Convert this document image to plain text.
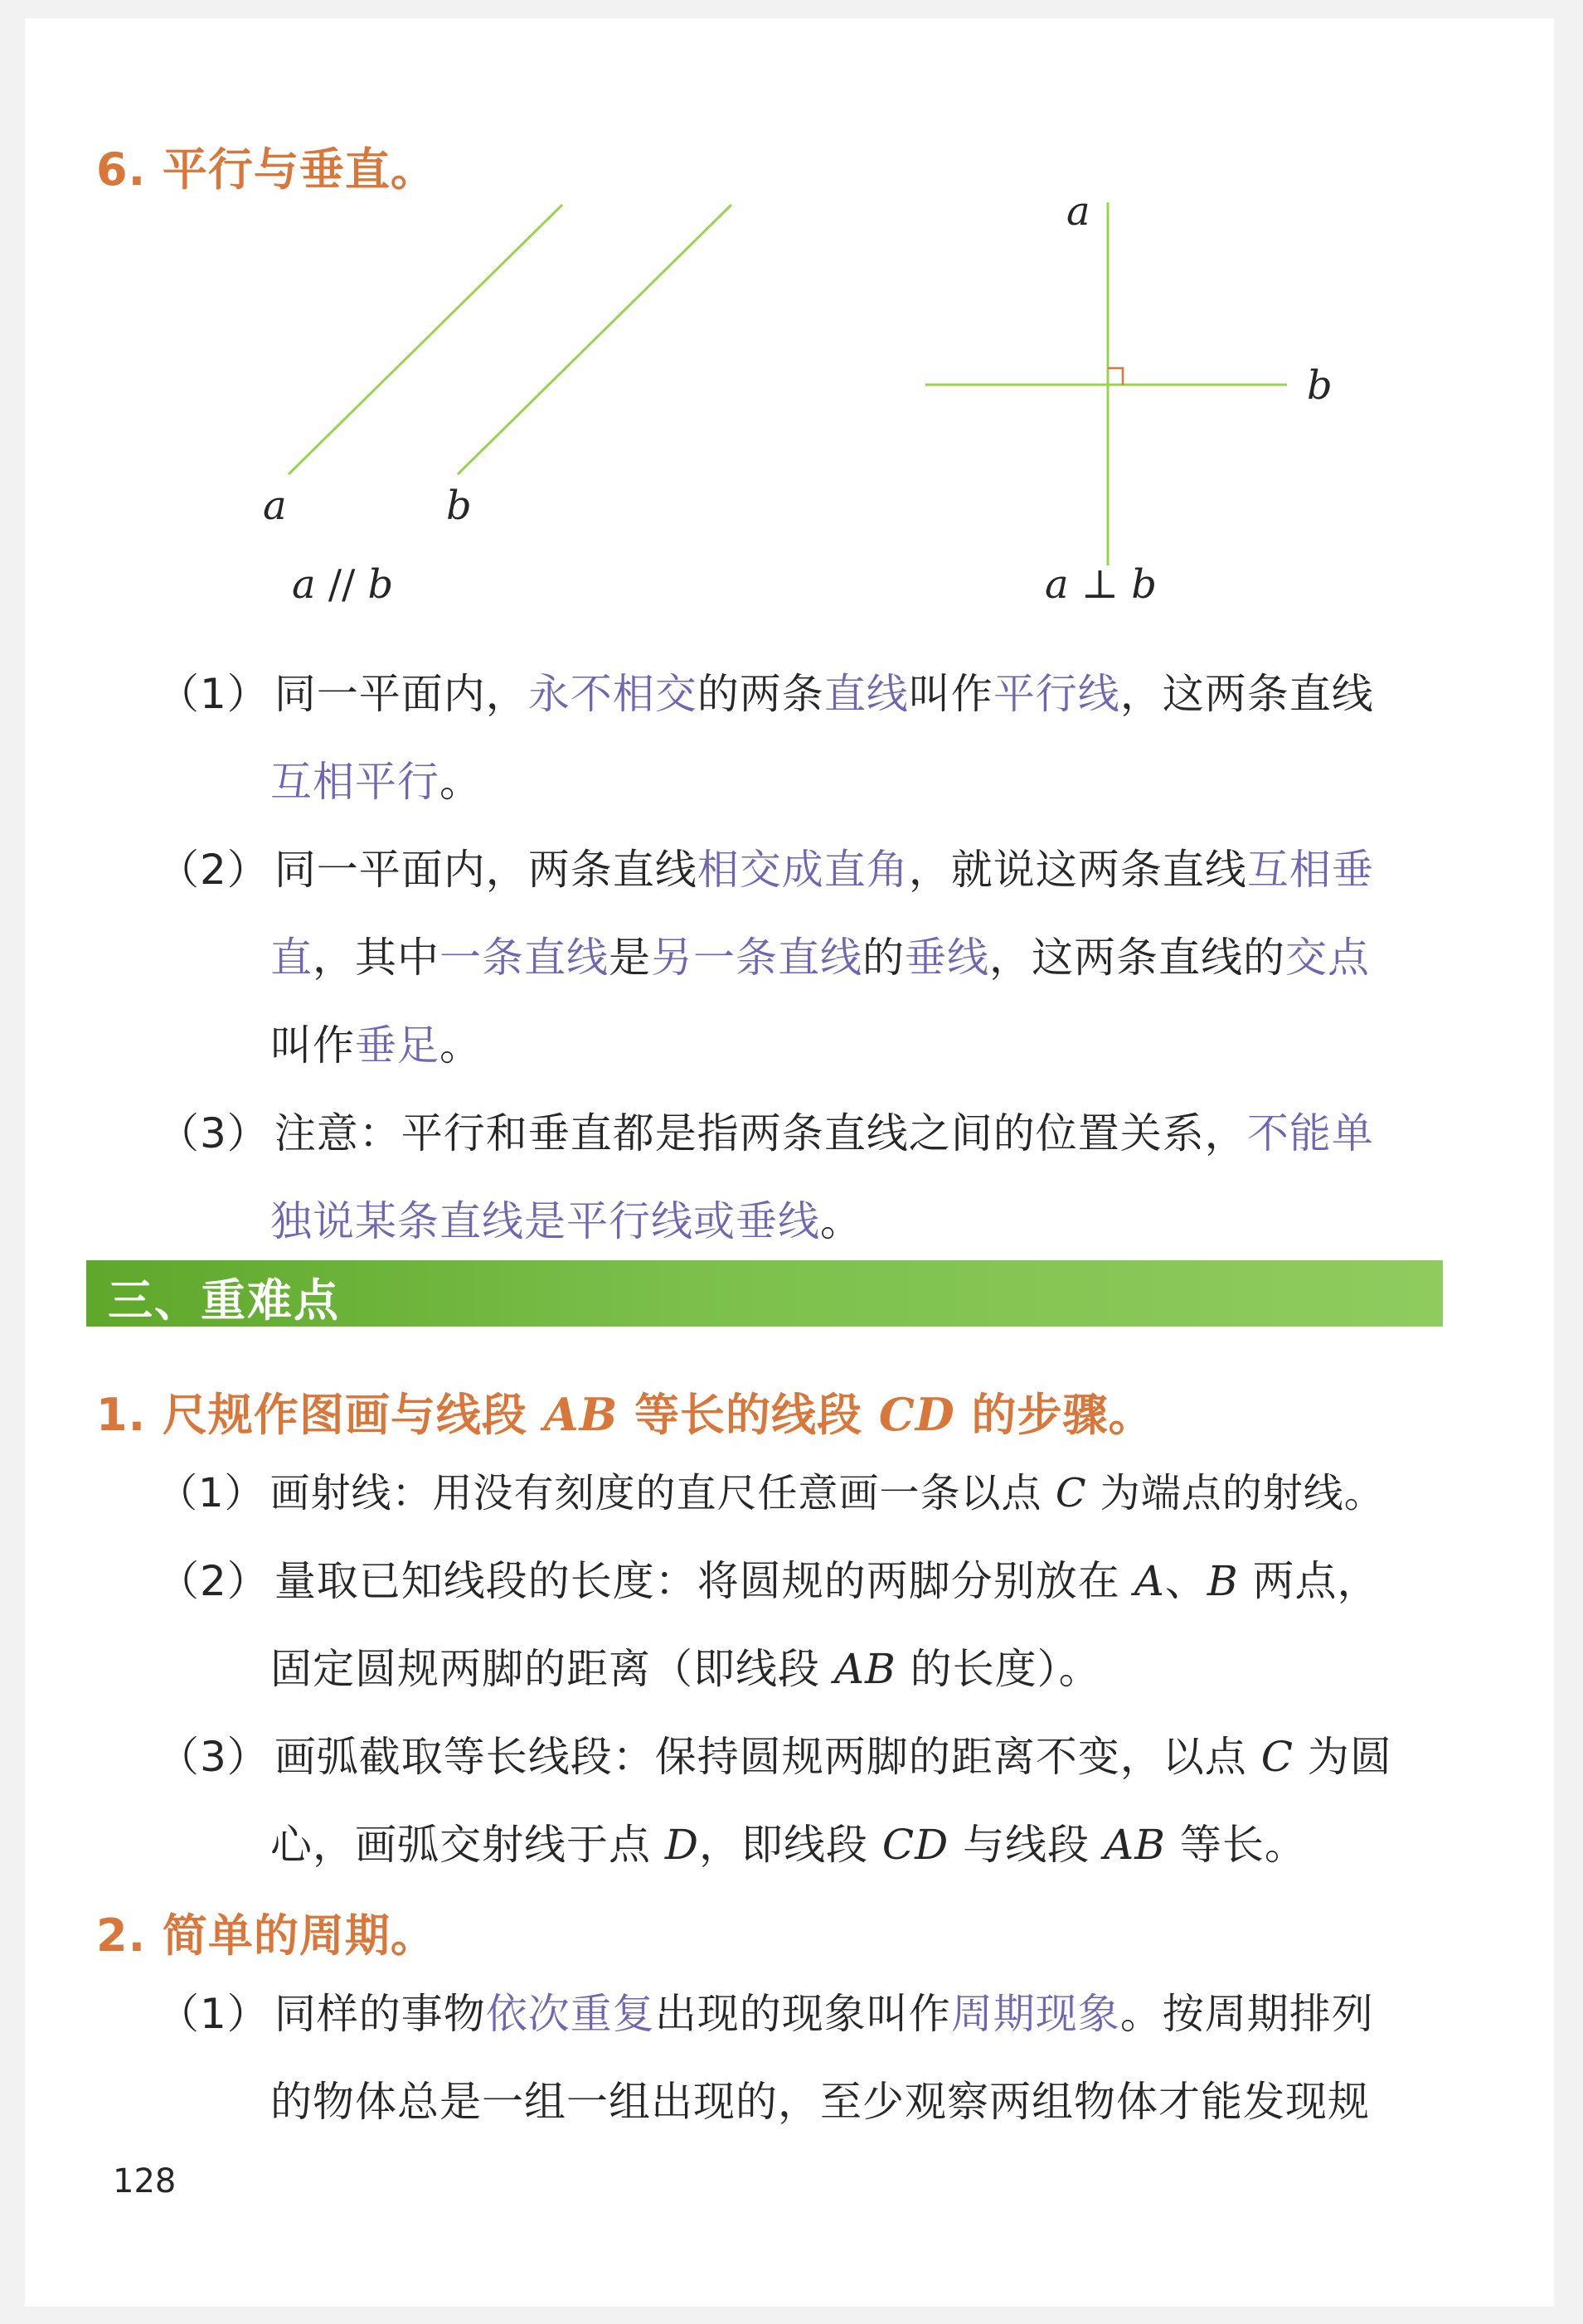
6. 平行与垂直。
a	b
a // b
a
b
a ⊥ b
（1） 同一平面内，永不相交的两条直线叫作平行线，这两条直线
互相平行。
（2） 同一平面内，两条直线相交成直角，就说这两条直线互相垂
直，其中一条直线是另一条直线的垂线，这两条直线的交点
叫作垂足。
（3） 注意：平行和垂直都是指两条直线之间的位置关系，不能单
独说某条直线是平行线或垂线。
三、重难点
1. 尺规作图画与线段 AB 等长的线段 CD 的步骤。
（1） 画射线：用没有刻度的直尺任意画一条以点 C 为端点的射线。
（2） 量取已知线段的长度：将圆规的两脚分别放在 A、B 两点，
固定圆规两脚的距离（即线段 AB 的长度）。
（3） 画弧截取等长线段：保持圆规两脚的距离不变，以点 C 为圆
心，画弧交射线于点 D，即线段 CD 与线段 AB 等长。
2. 简单的周期。
（1） 同样的事物依次重复出现的现象叫作周期现象。按周期排列
的物体总是一组一组出现的，至少观察两组物体才能发现规
128
